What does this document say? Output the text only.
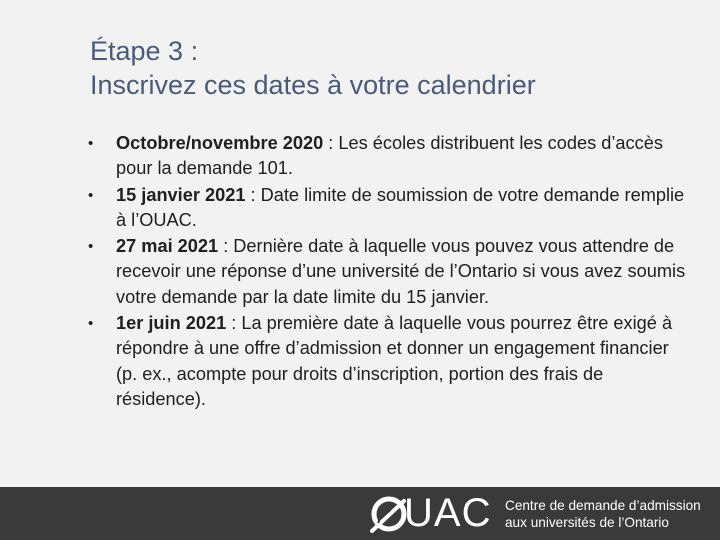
Étape 3 :
Inscrivez ces dates à votre calendrier
•	Octobre/novembre 2020 : Les écoles distribuent les codes d’accès pour la demande 101.
•	15 janvier 2021 : Date limite de soumission de votre demande remplie à l’OUAC.
•	27 mai 2021 : Dernière date à laquelle vous pouvez vous attendre de recevoir une réponse d’une université de l’Ontario si vous avez soumis votre demande par la date limite du 15 janvier.
•	1er juin 2021 : La première date à laquelle vous pourrez être exigé à répondre à une offre d’admission et donner un engagement financier (p. ex., acompte pour droits d’inscription, portion des frais de résidence).
UAC Centre de demande d’admission
aux universités de l’Ontario
